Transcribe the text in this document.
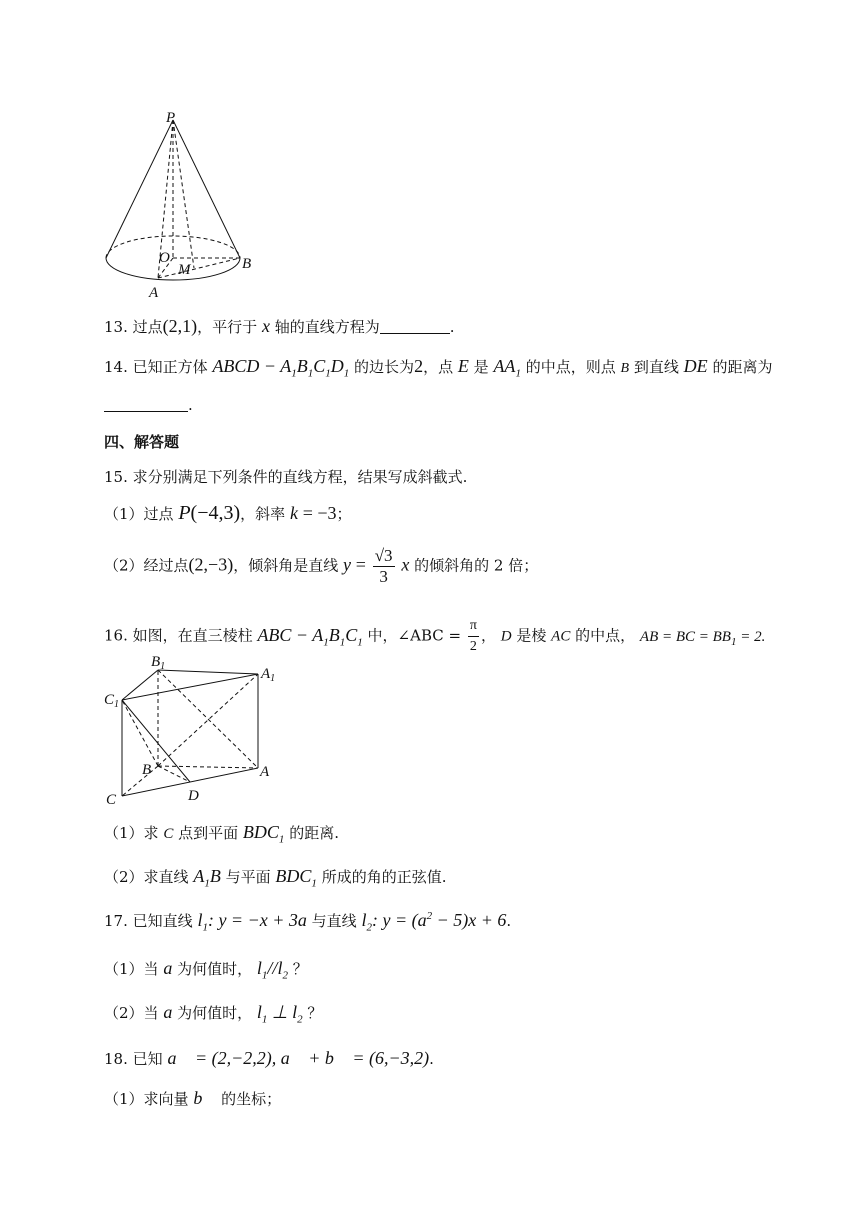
P
O
M	B
A
13. 过点(2,1)，平行于 x 轴的直线方程为	.
14. 已知正方体 ABCD − $A_1B_1C_1D_1$ 的边长为2，点 E 是 $AA_1$ 的中点，则点 B 到直线 DE 的距离为
.
四、解答题
15. 求分别满足下列条件的直线方程，结果写成斜截式.
（1）过点 P(−4,3)，斜率 k = −3；
（2）经过点(2,−3)，倾斜角是直线 $y = \frac{√3}{3}$ x 的倾斜角的 2 倍；
16. 如图，在直三棱柱 ABC − $A_1B_1C_1$ 中，∠ABC = $\frac{\pi}{2}$ ， D 是棱 AC 的中点， AB = BC = $BB_1 = 2$.
$B_1$	$A_1$
$C_1$
B	A
C	D
（1）求 C 点到平面 $BDC_1$ 的距离.
（2）求直线 $A_1B$ 与平面 $BDC_1$ 所成的角的正弦值.
17. 已知直线 $l_1$: y = −x + 3a 与直线 $l_2$: $y = (a^2 - 5)x + 6$.
（1）当 a 为何值时， $l_1//l_2$ ？
（2）当 a 为何值时， $l_1$ ⊥ $l_2$ ？
18. 已知 a⃗ = (2,−2,2), a⃗ + b⃗ = (6,−3,2).
（1）求向量 b⃗ 的坐标；
